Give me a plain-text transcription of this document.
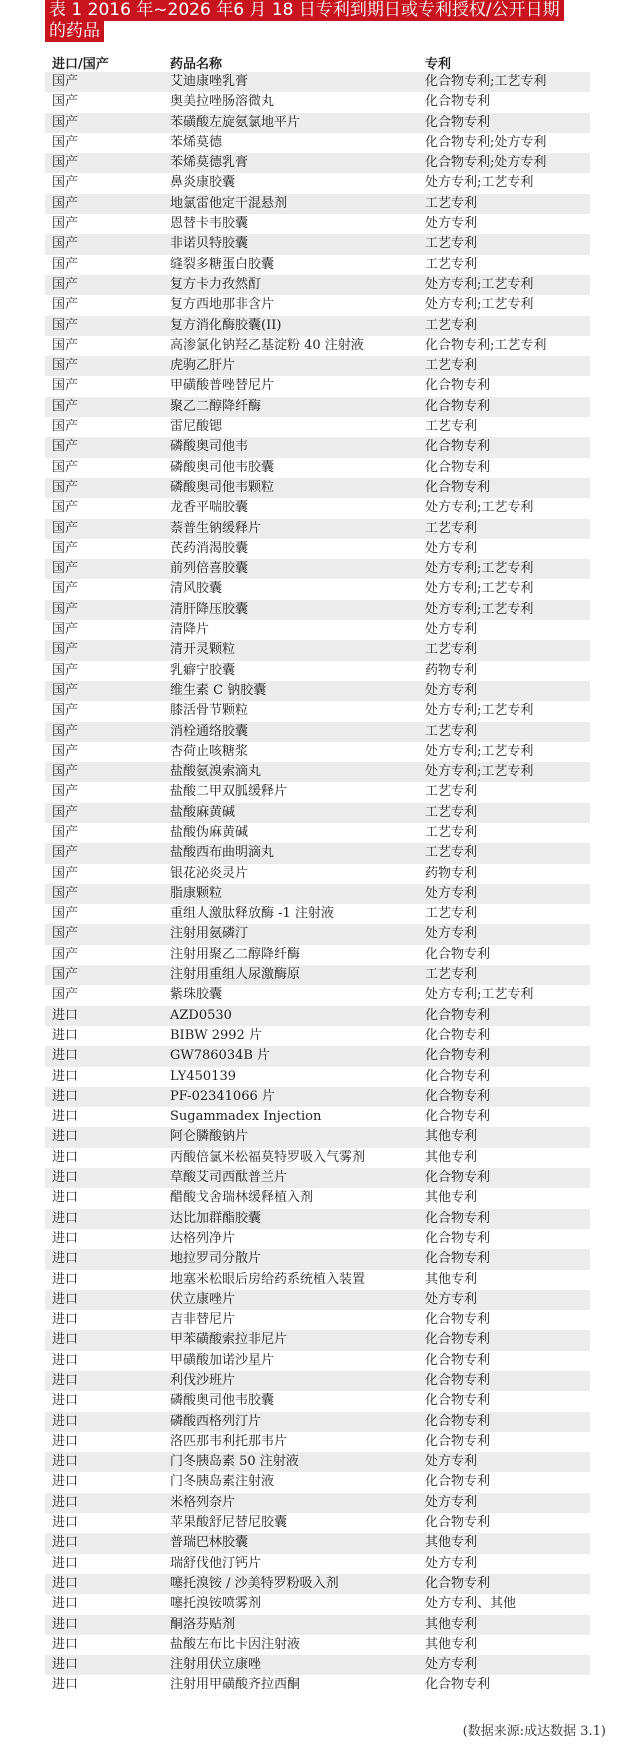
表 1 2016 年~2026 年6 月 18 日专利到期日或专利授权/公开日期
的药品
进口/国产	药品名称	专利
国产	艾迪康唑乳膏	化合物专利;工艺专利
国产	奥美拉唑肠溶微丸	化合物专利
国产	苯磺酸左旋氨氯地平片	化合物专利
国产	苯烯莫德	化合物专利;处方专利
国产	苯烯莫德乳膏	化合物专利;处方专利
国产	鼻炎康胶囊	处方专利;工艺专利
国产	地氯雷他定干混悬剂	工艺专利
国产	恩替卡韦胶囊	处方专利
国产	非诺贝特胶囊	工艺专利
国产	缝裂多糖蛋白胶囊	工艺专利
国产	复方卡力孜然酊	处方专利;工艺专利
国产	复方西地那非含片	处方专利;工艺专利
国产	复方消化酶胶囊(II)	工艺专利
国产	高渗氯化钠羟乙基淀粉 40 注射液	化合物专利;工艺专利
国产	虎驹乙肝片	工艺专利
国产	甲磺酸普唑替尼片	化合物专利
国产	聚乙二醇降纤酶	化合物专利
国产	雷尼酸锶	工艺专利
国产	磷酸奥司他韦	化合物专利
国产	磷酸奥司他韦胶囊	化合物专利
国产	磷酸奥司他韦颗粒	化合物专利
国产	龙香平喘胶囊	处方专利;工艺专利
国产	萘普生钠缓释片	工艺专利
国产	芪药消渴胶囊	处方专利
国产	前列倍喜胶囊	处方专利;工艺专利
国产	清风胶囊	处方专利;工艺专利
国产	清肝降压胶囊	处方专利;工艺专利
国产	清降片	处方专利
国产	清开灵颗粒	工艺专利
国产	乳癖宁胶囊	药物专利
国产	维生素 C 钠胶囊	处方专利
国产	膝活骨节颗粒	处方专利;工艺专利
国产	消栓通络胶囊	工艺专利
国产	杏荷止咳糖浆	处方专利;工艺专利
国产	盐酸氨溴索滴丸	处方专利;工艺专利
国产	盐酸二甲双胍缓释片	工艺专利
国产	盐酸麻黄碱	工艺专利
国产	盐酸伪麻黄碱	工艺专利
国产	盐酸西布曲明滴丸	工艺专利
国产	银花泌炎灵片	药物专利
国产	脂康颗粒	处方专利
国产	重组人激肽释放酶 -1 注射液	工艺专利
国产	注射用氨磷汀	处方专利
国产	注射用聚乙二醇降纤酶	化合物专利
国产	注射用重组人尿激酶原	工艺专利
国产	紫珠胶囊	处方专利;工艺专利
进口	AZD0530	化合物专利
进口	BIBW 2992 片	化合物专利
进口	GW786034B 片	化合物专利
进口	LY450139	化合物专利
进口	PF-02341066 片	化合物专利
进口	Sugammadex Injection	化合物专利
进口	阿仑膦酸钠片	其他专利
进口	丙酸倍氯米松福莫特罗吸入气雾剂	其他专利
进口	草酸艾司西酞普兰片	化合物专利
进口	醋酸戈舍瑞林缓释植入剂	其他专利
进口	达比加群酯胶囊	化合物专利
进口	达格列净片	化合物专利
进口	地拉罗司分散片	化合物专利
进口	地塞米松眼后房给药系统植入装置	其他专利
进口	伏立康唑片	处方专利
进口	吉非替尼片	化合物专利
进口	甲苯磺酸索拉非尼片	化合物专利
进口	甲磺酸加诺沙星片	化合物专利
进口	利伐沙班片	化合物专利
进口	磷酸奥司他韦胶囊	化合物专利
进口	磷酸西格列汀片	化合物专利
进口	洛匹那韦利托那韦片	化合物专利
进口	门冬胰岛素 50 注射液	处方专利
进口	门冬胰岛素注射液	化合物专利
进口	米格列奈片	处方专利
进口	苹果酸舒尼替尼胶囊	化合物专利
进口	普瑞巴林胶囊	其他专利
进口	瑞舒伐他汀钙片	处方专利
进口	噻托溴铵 / 沙美特罗粉吸入剂	化合物专利
进口	噻托溴铵喷雾剂	处方专利、其他
进口	酮洛芬贴剂	其他专利
进口	盐酸左布比卡因注射液	其他专利
进口	注射用伏立康唑	处方专利
进口	注射用甲磺酸齐拉西酮	化合物专利
(数据来源:成达数据 3.1)
